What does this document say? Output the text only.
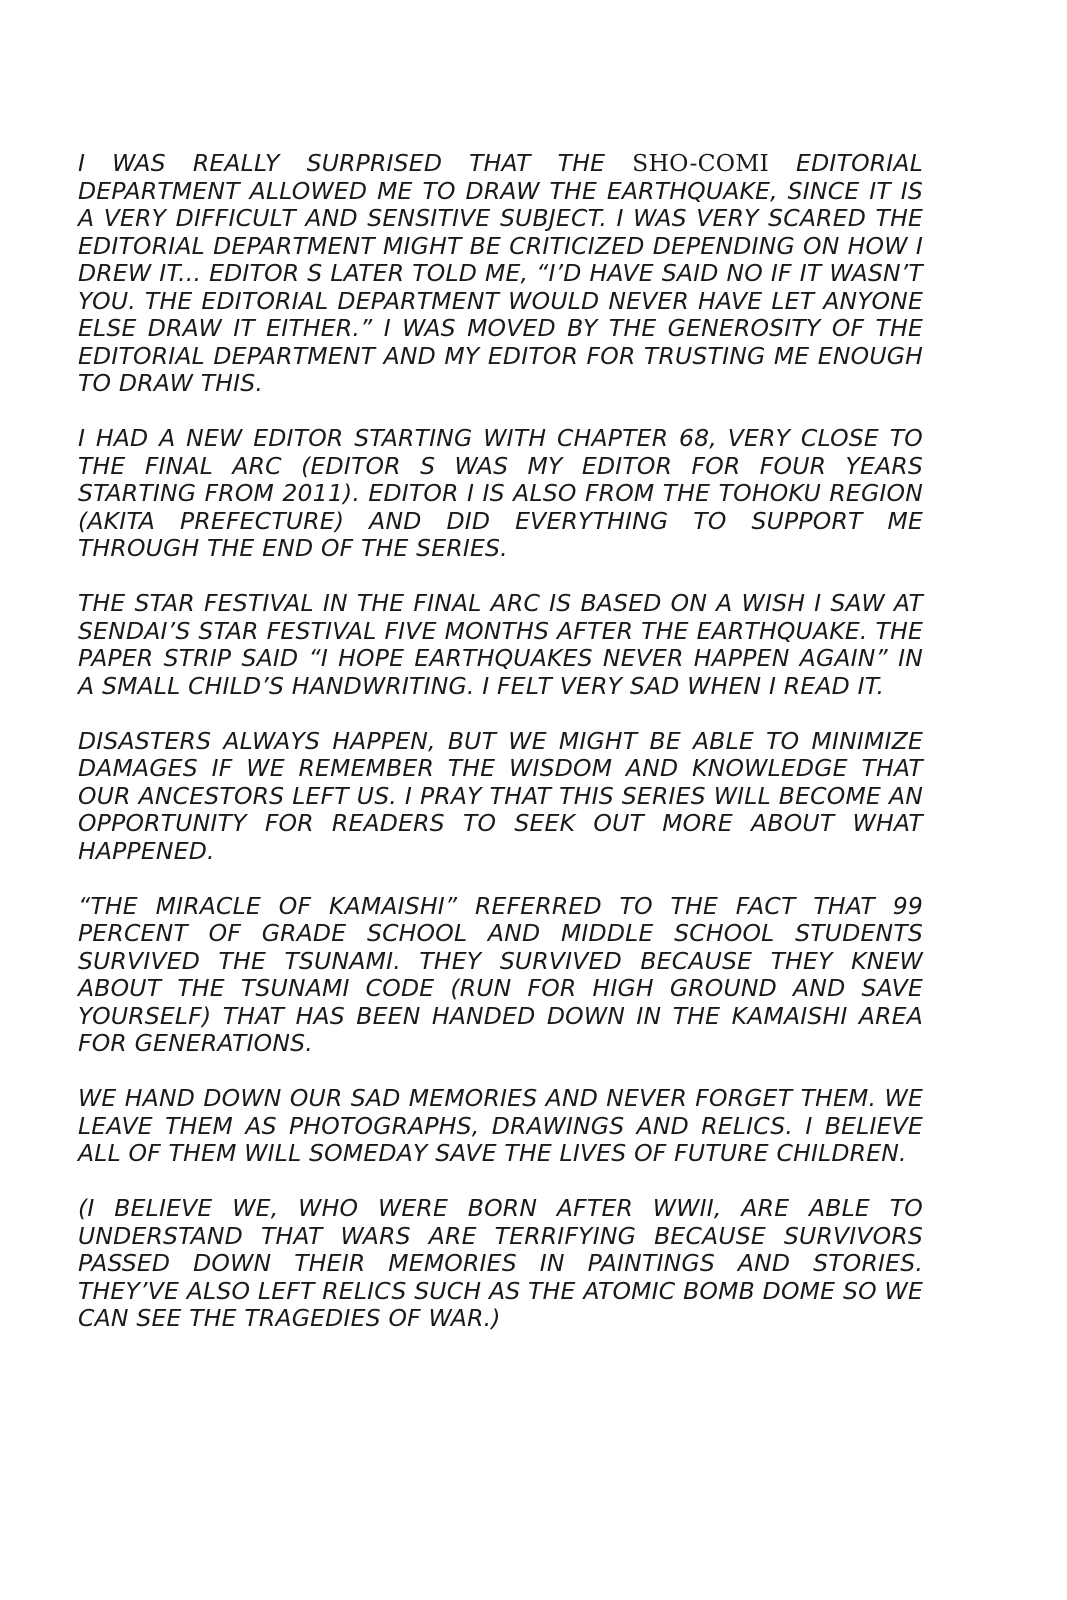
I WAS REALLY SURPRISED THAT THE SHO-COMI EDITORIAL DEPARTMENT ALLOWED ME TO DRAW THE EARTHQUAKE, SINCE IT IS A VERY DIFFICULT AND SENSITIVE SUBJECT. I WAS VERY SCARED THE EDITORIAL DEPARTMENT MIGHT BE CRITICIZED DEPENDING ON HOW I DREW IT... EDITOR S LATER TOLD ME, “I’D HAVE SAID NO IF IT WASN’T YOU. THE EDITORIAL DEPARTMENT WOULD NEVER HAVE LET ANYONE ELSE DRAW IT EITHER.” I WAS MOVED BY THE GENEROSITY OF THE EDITORIAL DEPARTMENT AND MY EDITOR FOR TRUSTING ME ENOUGH TO DRAW THIS.

I HAD A NEW EDITOR STARTING WITH CHAPTER 68, VERY CLOSE TO THE FINAL ARC (EDITOR S WAS MY EDITOR FOR FOUR YEARS STARTING FROM 2011). EDITOR I IS ALSO FROM THE TOHOKU REGION (AKITA PREFECTURE) AND DID EVERYTHING TO SUPPORT ME THROUGH THE END OF THE SERIES.

THE STAR FESTIVAL IN THE FINAL ARC IS BASED ON A WISH I SAW AT SENDAI’S STAR FESTIVAL FIVE MONTHS AFTER THE EARTHQUAKE. THE PAPER STRIP SAID “I HOPE EARTHQUAKES NEVER HAPPEN AGAIN” IN A SMALL CHILD’S HANDWRITING. I FELT VERY SAD WHEN I READ IT.

DISASTERS ALWAYS HAPPEN, BUT WE MIGHT BE ABLE TO MINIMIZE DAMAGES IF WE REMEMBER THE WISDOM AND KNOWLEDGE THAT OUR ANCESTORS LEFT US. I PRAY THAT THIS SERIES WILL BECOME AN OPPORTUNITY FOR READERS TO SEEK OUT MORE ABOUT WHAT HAPPENED.

“THE MIRACLE OF KAMAISHI” REFERRED TO THE FACT THAT 99 PERCENT OF GRADE SCHOOL AND MIDDLE SCHOOL STUDENTS SURVIVED THE TSUNAMI. THEY SURVIVED BECAUSE THEY KNEW ABOUT THE TSUNAMI CODE (RUN FOR HIGH GROUND AND SAVE YOURSELF) THAT HAS BEEN HANDED DOWN IN THE KAMAISHI AREA FOR GENERATIONS.

WE HAND DOWN OUR SAD MEMORIES AND NEVER FORGET THEM. WE LEAVE THEM AS PHOTOGRAPHS, DRAWINGS AND RELICS. I BELIEVE ALL OF THEM WILL SOMEDAY SAVE THE LIVES OF FUTURE CHILDREN.

(I BELIEVE WE, WHO WERE BORN AFTER WWII, ARE ABLE TO UNDERSTAND THAT WARS ARE TERRIFYING BECAUSE SURVIVORS PASSED DOWN THEIR MEMORIES IN PAINTINGS AND STORIES. THEY’VE ALSO LEFT RELICS SUCH AS THE ATOMIC BOMB DOME SO WE CAN SEE THE TRAGEDIES OF WAR.)
